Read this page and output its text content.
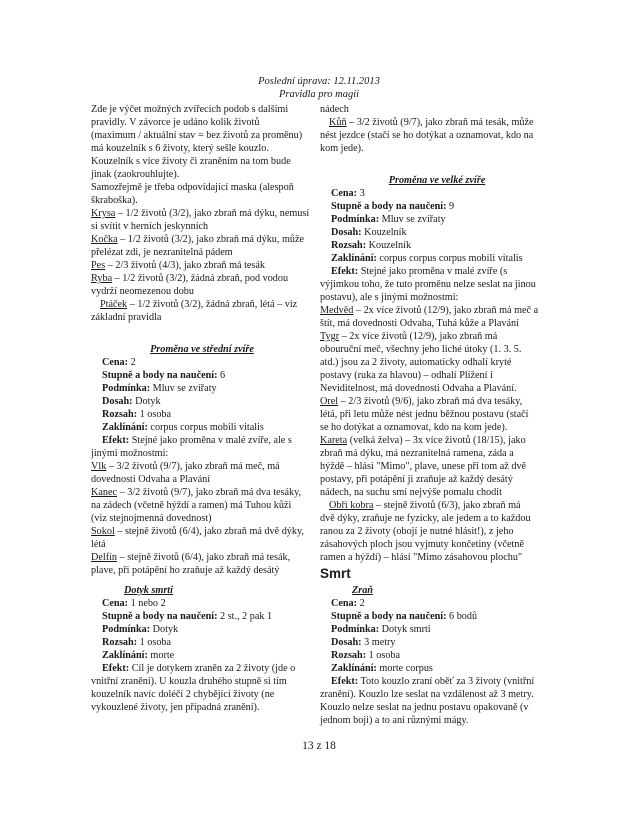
Poslední úprava: 12.11.2013
Pravidla pro magii

Zde je výčet možných zvířecích podob s dalšími

pravidly. V závorce je udáno kolik životů

(maximum / aktuální stav = bez životů za proměnu)

má kouzelník s 6 životy, který sešle kouzlo.

Kouzelník s více životy či zraněním na tom bude

jinak (zaokrouhlujte).

Samozřejmě je třeba odpovídající maska (alespoň

škraboška).

Krysa – 1/2 životů (3/2), jako zbraň má dýku, nemusí

si svítit v herních jeskynních

Kočka – 1/2 životů (3/2), jako zbraň má dýku, může

přelézat zdi, je nezranitelná pádem

Pes – 2/3 životů (4/3), jako zbraň má tesák

Ryba – 1/2 životů (3/2), žádná zbraň, pod vodou

vydrží neomezenou dobu

Ptáček – 1/2 životů (3/2), žádná zbraň, létá – viz

základní pravidla

Proměna ve střední zvíře

Cena: 2

Stupně a body na naučení: 6

Podmínka: Mluv se zvířaty

Dosah: Dotyk

Rozsah: 1 osoba

Zaklínání: corpus corpus mobili vitalis

Efekt: Stejné jako proměna v malé zvíře, ale s

jinými možnostmi:

Vlk – 3/2 životů (9/7), jako zbraň má meč, má

dovednosti Odvaha a Plavání

Kanec – 3/2 životů (9/7), jako zbraň má dva tesáky,

na zádech (včetně hýždí a ramen) má Tuhou kůži

(viz stejnojmenná dovednost)

Sokol – stejně životů (6/4), jako zbraň má dvě dýky,

létá

Delfín – stejně životů (6/4), jako zbraň má tesák,

plave, při potápění ho zraňuje až každý desátý

nádech

Kůň – 3/2 životů (9/7), jako zbraň má tesák, může

nést jezdce (stačí se ho dotýkat a oznamovat, kdo na

kom jede).

Proměna ve velké zvíře

Cena: 3

Stupně a body na naučení: 9

Podmínka: Mluv se zvířaty

Dosah: Kouzelník

Rozsah: Kouzelník

Zaklínání: corpus corpus corpus mobili vitalis

Efekt: Stejné jako proměna v malé zvíře (s

výjimkou toho, že tuto proměnu nelze seslat na jinou

postavu), ale s jinými možnostmi:

Medvěd – 2x více životů (12/9), jako zbraň má meč a

štít, má dovednosti Odvaha, Tuhá kůže a Plavání

Tygr – 2x více životů (12/9), jako zbraň má

obouruční meč, všechny jeho liché útoky (1. 3. 5.

atd.) jsou za 2 životy, automaticky odhalí kryté

postavy (ruka za hlavou) – odhalí Plížení i

Neviditelnost, má dovednosti Odvaha a Plavání.

Orel – 2/3 životů (9/6), jako zbraň má dva tesáky,

létá, při letu může nést jednu běžnou postavu (stačí

se ho dotýkat a oznamovat, kdo na kom jede).

Kareta (velká želva) – 3x více životů (18/15), jako

zbraň má dýku, má nezranitelná ramena, záda a

hýždě – hlásí "Mimo", plave, unese při tom až dvě

postavy, při potápění ji zraňuje až každý desátý

nádech, na suchu smí nejvýše pomalu chodit

Obří kobra – stejně životů (6/3), jako zbraň má

dvě dýky, zraňuje ne fyzicky, ale jedem a to každou

ranou za 2 životy (obojí je nutné hlásit!), z jeho

zásahových ploch jsou vyjmuty končetiny (včetně

ramen a hýždí) – hlásí "Mimo zásahovou plochu"

Smrt

Dotyk smrti

Cena: 1 nebo 2

Stupně a body na naučení: 2 st., 2 pak 1

Podmínka: Dotyk

Rozsah: 1 osoba

Zaklínání: morte

Efekt: Cíl je dotykem zraněn za 2 životy (jde o

vnitřní zranění). U kouzla druhého stupně si tím

kouzelník navíc doléčí 2 chybějící životy (ne

vykouzlené životy, jen případná zranění).

Zraň

Cena: 2

Stupně a body na naučení: 6 bodů

Podmínka: Dotyk smrti

Dosah: 3 metry

Rozsah: 1 osoba

Zaklínání: morte corpus

Efekt: Toto kouzlo zraní oběť za 3 životy (vnitřní

zranění). Kouzlo lze seslat na vzdálenost až 3 metry.

Kouzlo nelze seslat na jednu postavu opakovaně (v

jednom boji) a to ani různými mágy.

13 z 18
